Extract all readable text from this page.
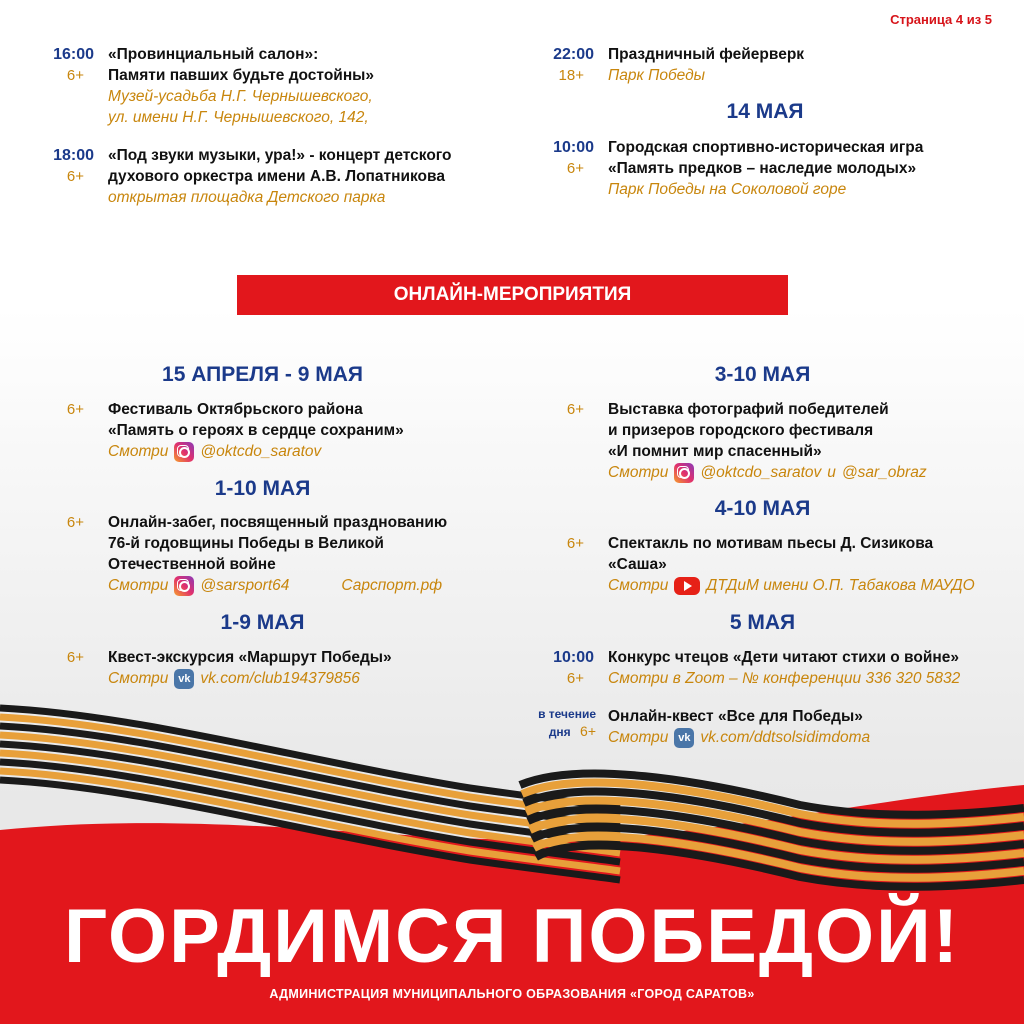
Страница 4 из 5
16:00
6+
«Провинциальный салон»:
Памяти павших будьте достойны»
Музей-усадьба Н.Г. Чернышевского,
ул. имени Н.Г. Чернышевского, 142,
18:00
6+
«Под звуки музыки, ура!» - концерт детского
духового оркестра имени А.В. Лопатникова
открытая площадка Детского парка
22:00
18+
Праздничный фейерверк
Парк Победы
14 МАЯ
10:00
6+
Городская спортивно-историческая игра
«Память предков – наследие молодых»
Парк Победы на Соколовой горе
ОНЛАЙН-МЕРОПРИЯТИЯ
15 АПРЕЛЯ - 9 МАЯ
6+ Фестиваль Октябрьского района
«Память о героях в сердце сохраним»
Смотри @oktcdo_saratov
1-10 МАЯ
6+ Онлайн-забег, посвященный празднованию
76-й годовщины Победы в Великой
Отечественной войне
Смотри @sarsport64	Сарспорт.рф
1-9 МАЯ
6+ Квест-экскурсия «Маршрут Победы»
Смотри vk vk.com/club194379856
3-10 МАЯ
6+ Выставка фотографий победителей
и призеров городского фестиваля
«И помнит мир спасенный»
Смотри @oktcdo_saratov и @sar_obraz
4-10 МАЯ
6+ Спектакль по мотивам пьесы Д. Сизикова
«Саша»
Смотри ДТДиМ имени О.П. Табакова МАУДО
5 МАЯ
10:00
6+
Конкурс чтецов «Дети читают стихи о войне»
Смотри в Zoom – № конференции 336 320 5832
в течение
дня 6+
Онлайн-квест «Все для Победы»
Смотри vk vk.com/ddtsolsidimdoma
ГОРДИМСЯ ПОБЕДОЙ!
АДМИНИСТРАЦИЯ МУНИЦИПАЛЬНОГО ОБРАЗОВАНИЯ «ГОРОД САРАТОВ»
